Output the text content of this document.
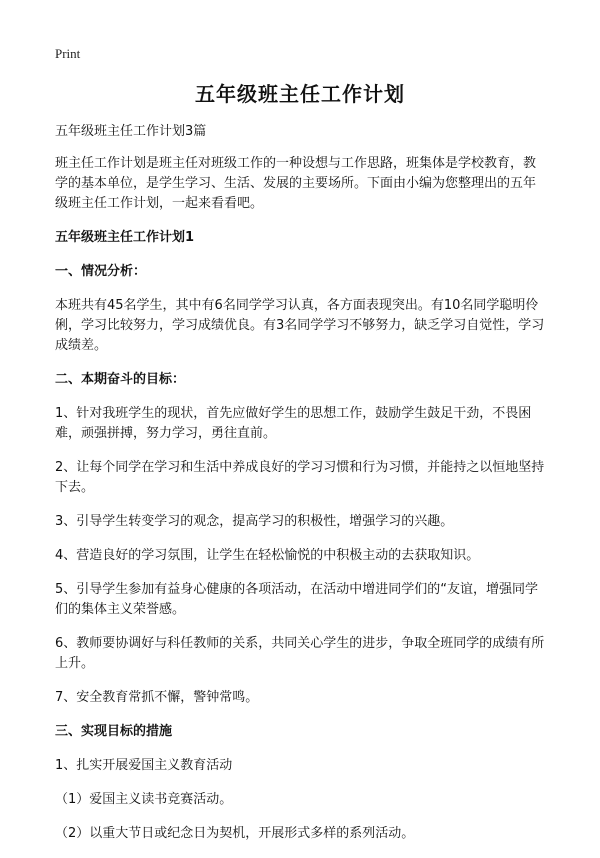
Print
五年级班主任工作计划

五年级班主任工作计划3篇

班主任工作计划是班主任对班级工作的一种设想与工作思路，班集体是学校教育，教学的基本单位，是学生学习、生活、发展的主要场所。下面由小编为您整理出的五年级班主任工作计划，一起来看看吧。

五年级班主任工作计划1

一、情况分析：

本班共有45名学生，其中有6名同学学习认真，各方面表现突出。有10名同学聪明伶俐，学习比较努力，学习成绩优良。有3名同学学习不够努力，缺乏学习自觉性，学习成绩差。

二、本期奋斗的目标：

1、针对我班学生的现状，首先应做好学生的思想工作，鼓励学生鼓足干劲，不畏困难，顽强拼搏，努力学习，勇往直前。

2、让每个同学在学习和生活中养成良好的学习习惯和行为习惯，并能持之以恒地坚持下去。

3、引导学生转变学习的观念，提高学习的积极性，增强学习的兴趣。

4、营造良好的学习氛围，让学生在轻松愉悦的中积极主动的去获取知识。

5、引导学生参加有益身心健康的各项活动，在活动中增进同学们的“友谊，增强同学们的集体主义荣誉感。

6、教师要协调好与科任教师的关系，共同关心学生的进步，争取全班同学的成绩有所上升。

7、安全教育常抓不懈，警钟常鸣。

三、实现目标的措施

1、扎实开展爱国主义教育活动

（1）爱国主义读书竞赛活动。

（2）以重大节日或纪念日为契机，开展形式多样的系列活动。
